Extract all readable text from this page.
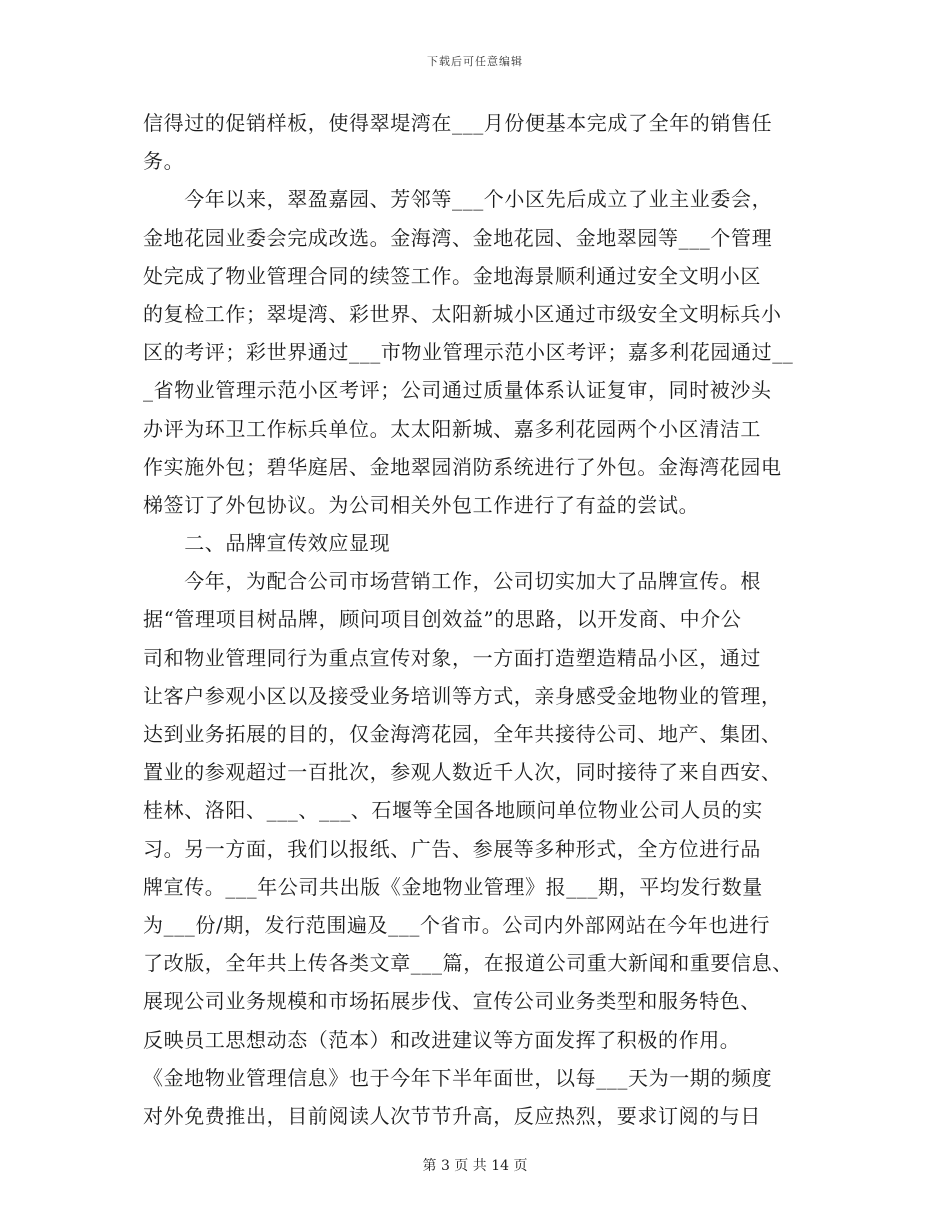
下载后可任意编辑
信得过的促销样板，使得翠堤湾在___月份便基本完成了全年的销售任
务。
　　今年以来，翠盈嘉园、芳邻等___个小区先后成立了业主业委会，
金地花园业委会完成改选。金海湾、金地花园、金地翠园等___个管理
处完成了物业管理合同的续签工作。金地海景顺利通过安全文明小区
的复检工作；翠堤湾、彩世界、太阳新城小区通过市级安全文明标兵小
区的考评；彩世界通过___市物业管理示范小区考评；嘉多利花园通过__
_省物业管理示范小区考评；公司通过质量体系认证复审，同时被沙头
办评为环卫工作标兵单位。太太阳新城、嘉多利花园两个小区清洁工
作实施外包；碧华庭居、金地翠园消防系统进行了外包。金海湾花园电
梯签订了外包协议。为公司相关外包工作进行了有益的尝试。
　　二、品牌宣传效应显现
　　今年，为配合公司市场营销工作，公司切实加大了品牌宣传。根
据“管理项目树品牌，顾问项目创效益”的思路，以开发商、中介公
司和物业管理同行为重点宣传对象，一方面打造塑造精品小区，通过
让客户参观小区以及接受业务培训等方式，亲身感受金地物业的管理，
达到业务拓展的目的，仅金海湾花园，全年共接待公司、地产、集团、
置业的参观超过一百批次，参观人数近千人次，同时接待了来自西安、
桂林、洛阳、___、___、石堰等全国各地顾问单位物业公司人员的实
习。另一方面，我们以报纸、广告、参展等多种形式，全方位进行品
牌宣传。___年公司共出版《金地物业管理》报___期，平均发行数量
为___份/期，发行范围遍及___个省市。公司内外部网站在今年也进行
了改版，全年共上传各类文章___篇，在报道公司重大新闻和重要信息、
展现公司业务规模和市场拓展步伐、宣传公司业务类型和服务特色、
反映员工思想动态（范本）和改进建议等方面发挥了积极的作用。
《金地物业管理信息》也于今年下半年面世，以每___天为一期的频度
对外免费推出，目前阅读人次节节升高，反应热烈，要求订阅的与日
第 3 页 共 14 页
